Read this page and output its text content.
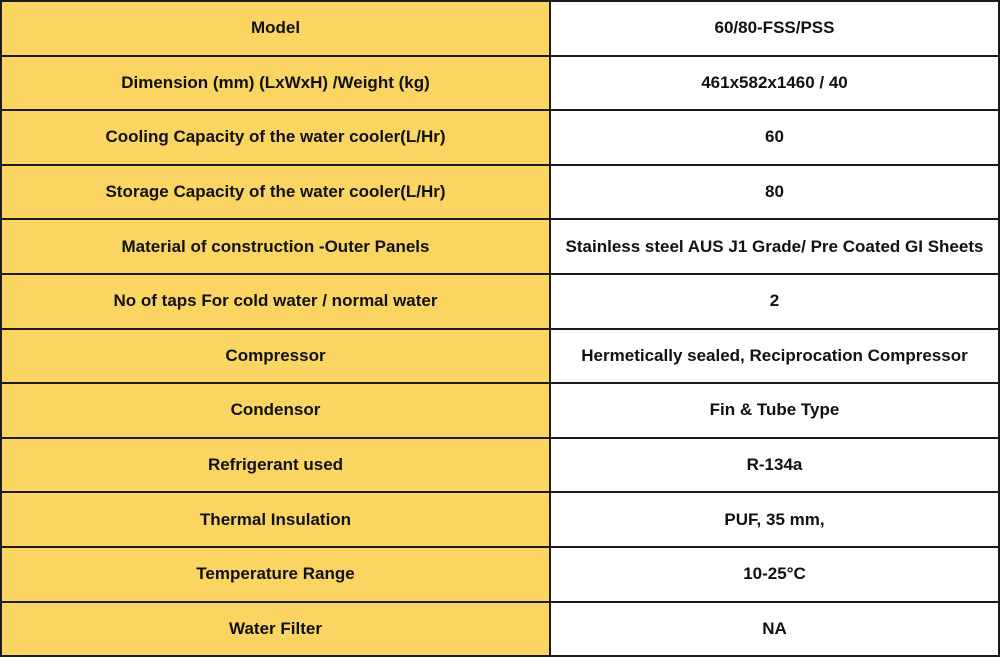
Model	60/80-FSS/PSS
Dimension (mm) (LxWxH) /Weight (kg)	461x582x1460 / 40
Cooling Capacity of the water cooler(L/Hr)	60
Storage Capacity of the water cooler(L/Hr)	80
Material of construction -Outer Panels	Stainless steel AUS J1 Grade/ Pre Coated GI Sheets
No of taps For cold water / normal water	2
Compressor	Hermetically sealed, Reciprocation Compressor
Condensor	Fin & Tube Type
Refrigerant used	R-134a
Thermal Insulation	PUF, 35 mm,
Temperature Range	10-25°C
Water Filter	NA
